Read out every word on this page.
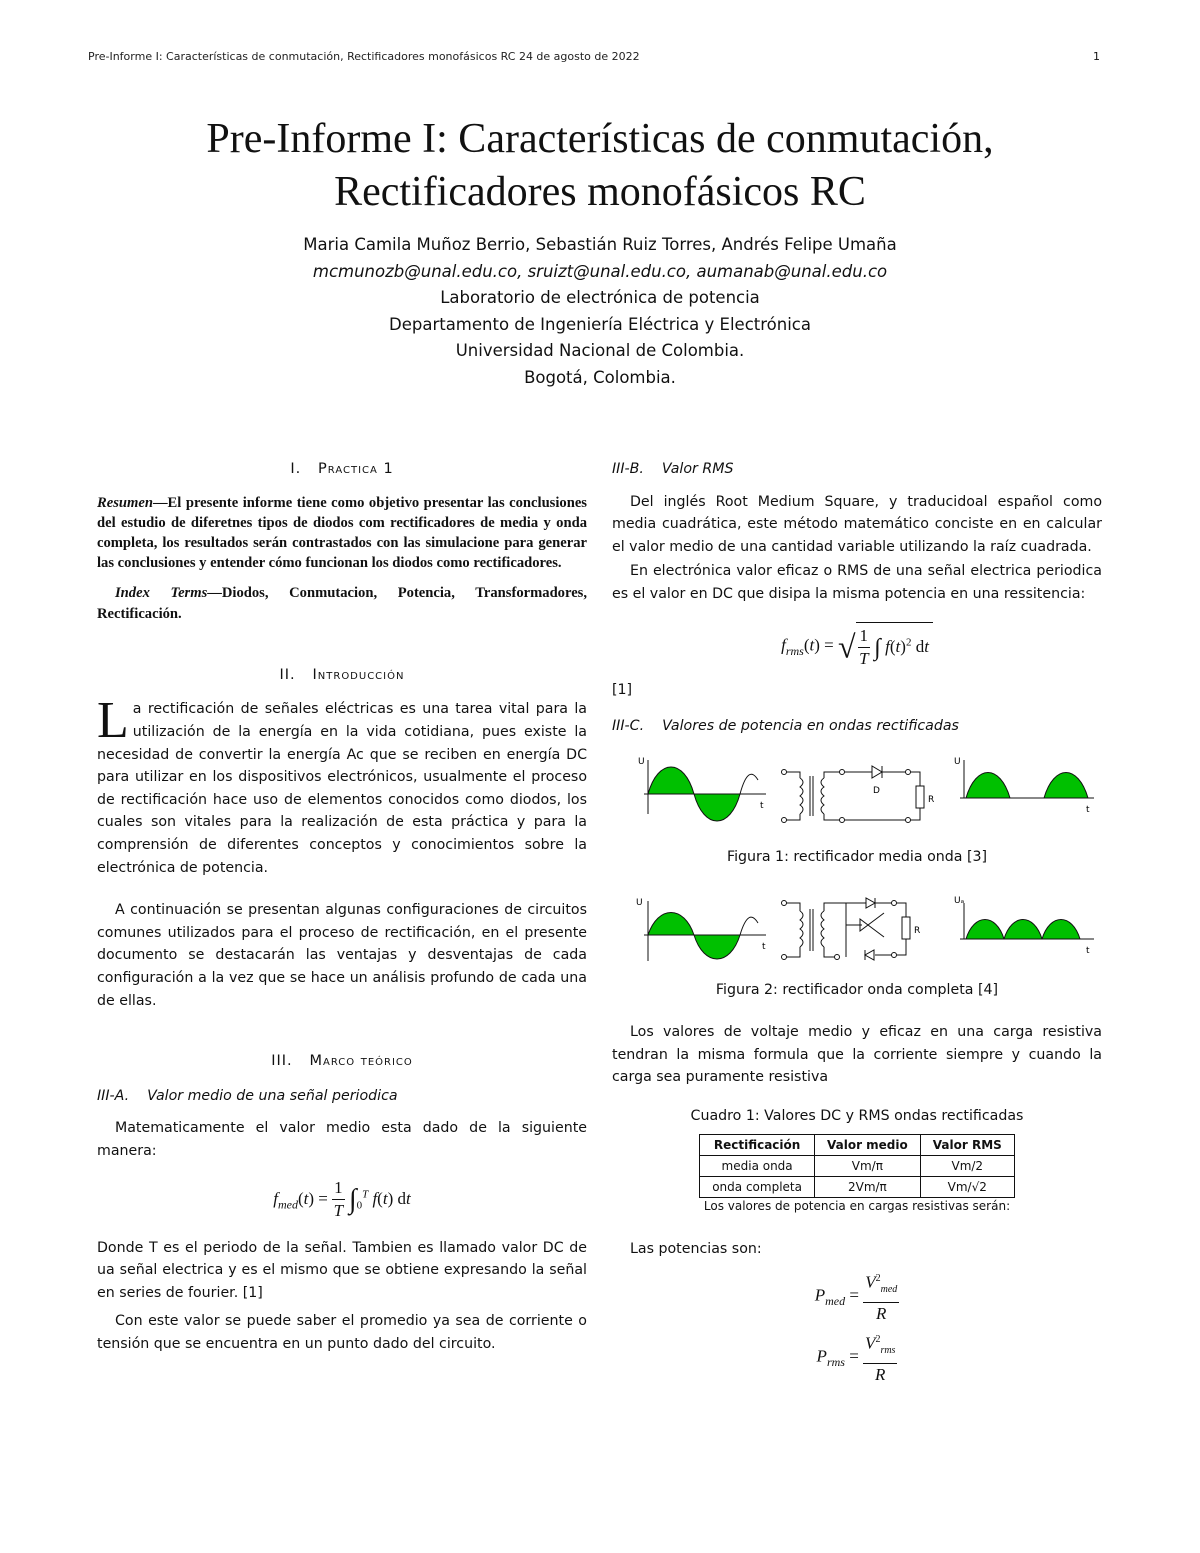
Pre-Informe I: Características de conmutación, Rectificadores monofásicos RC 24 de agosto de 2022	1
Pre-Informe I: Características de conmutación,
Rectificadores monofásicos RC
Maria Camila Muñoz Berrio, Sebastián Ruiz Torres, Andrés Felipe Umaña
mcmunozb@unal.edu.co, sruizt@unal.edu.co, aumanab@unal.edu.co
Laboratorio de electrónica de potencia
Departamento de Ingeniería Eléctrica y Electrónica
Universidad Nacional de Colombia.
Bogotá, Colombia.
I. Practica 1

Resumen—El presente informe tiene como objetivo presentar las conclusiones del estudio de diferetnes tipos de diodos com rectificadores de media y onda completa, los resultados serán contrastados con las simulacione para generar las conclusiones y entender cómo funcionan los diodos como rectificadores.

Index Terms—Diodos, Conmutacion, Potencia, Transformadores, Rectificación.

II. Introducción

La rectificación de señales eléctricas es una tarea vital para la utilización de la energía en la vida cotidiana, pues existe la necesidad de convertir la energía Ac que se reciben en energía DC para utilizar en los dispositivos electrónicos, usualmente el proceso de rectificación hace uso de elementos conocidos como diodos, los cuales son vitales para la realización de esta práctica y para la comprensión de diferentes conceptos y conocimientos sobre la electrónica de potencia.

A continuación se presentan algunas configuraciones de circuitos comunes utilizados para el proceso de rectificación, en el presente documento se destacarán las ventajas y desventajas de cada configuración a la vez que se hace un análisis profundo de cada una de ellas.

III. Marco teórico
III-A. Valor medio de una señal periodica

Matematicamente el valor medio esta dado de la siguiente manera:

$f_{med}(t) = \frac{1}{T} \int_0^T$ f(t) dt

Donde T es el periodo de la señal. Tambien es llamado valor DC de ua señal electrica y es el mismo que se obtiene expresando la señal en series de fourier. [1]

Con este valor se puede saber el promedio ya sea de corriente o tensión que se encuentra en un punto dado del circuito.

III-B. Valor RMS

Del inglés Root Medium Square, y traducidoal español como media cuadrática, este método matemático conciste en en calcular el valor medio de una cantidad variable utilizando la raíz cuadrada.

En electrónica valor eficaz o RMS de una señal electrica periodica es el valor en DC que disipa la misma potencia en una ressitencia:

$f_{rms}(t)$ = √ $\frac{1}{T}$ ∫ $f(t)^2$ dt

[1]

III-C. Valores de potencia en ondas rectificadas
U
t
D
R
U
t
Figura 1: rectificador media onda [3]
U
t
R
Uₐ
t
Figura 2: rectificador onda completa [4]

Los valores de voltaje medio y eficaz en una carga resistiva tendran la misma formula que la corriente siempre y cuando la carga sea puramente resistiva

Cuadro 1: Valores DC y RMS ondas rectificadas
Rectificación	Valor medio	Valor RMS
media onda	Vm/π	Vm/2
onda completa	2Vm/π	Vm/√2
Los valores de potencia en cargas resistivas serán:

Las potencias son:

$P_{med} = \frac{V^2_{med}}{R}$
$P_{rms} = \frac{V^2_{rms}}{R}$
